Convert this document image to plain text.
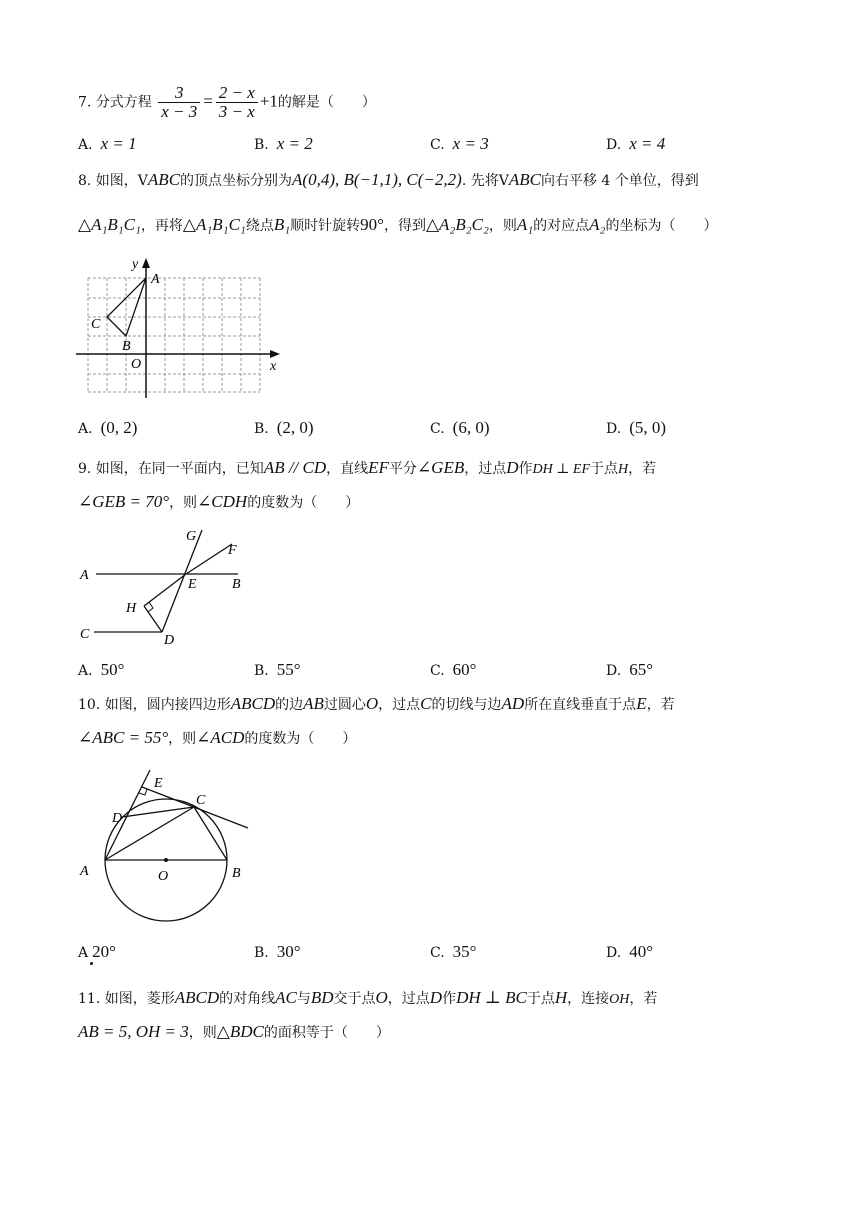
7. 分式方程 $\frac{3}{x - 3} = \frac{2 - x}{3 - x} +1$的解是（　　）
A. x = 1	B. x = 2	C. x = 3	D. x = 4
8. 如图，VABC的顶点坐标分别为A(0,4), B(−1,1), C(−2,2). 先将VABC向右平移 4 个单位，得到
△A₁B₁C₁，再将△A₁B₁C₁绕点B₁顺时针旋转90°，得到△A₂B₂C₂，则A₁的对应点A₂的坐标为（　　）
A
B
C
O	x
y
A. (0, 2)	B. (2, 0)	C. (6, 0)	D. (5, 0)
9. 如图，在同一平面内，已知AB // CD，直线EF平分∠GEB，过点D作DH ⊥ EF于点H，若
∠GEB = 70°，则∠CDH的度数为（　　）
A
B
C	D
E
F
G
H
A. 50°	B. 55°	C. 60°	D. 65°
10. 如图，圆内接四边形ABCD的边AB过圆心O，过点C的切线与边AD所在直线垂直于点E，若
∠ABC = 55°，则∠ACD的度数为（　　）
A	B
C
D
E
O
A 20°	B. 30°	C. 35°	D. 40°
11. 如图，菱形ABCD的对角线AC与BD交于点O，过点D作DH ⊥ BC于点H，连接OH，若
AB = 5, OH = 3，则△BDC的面积等于（　　）
